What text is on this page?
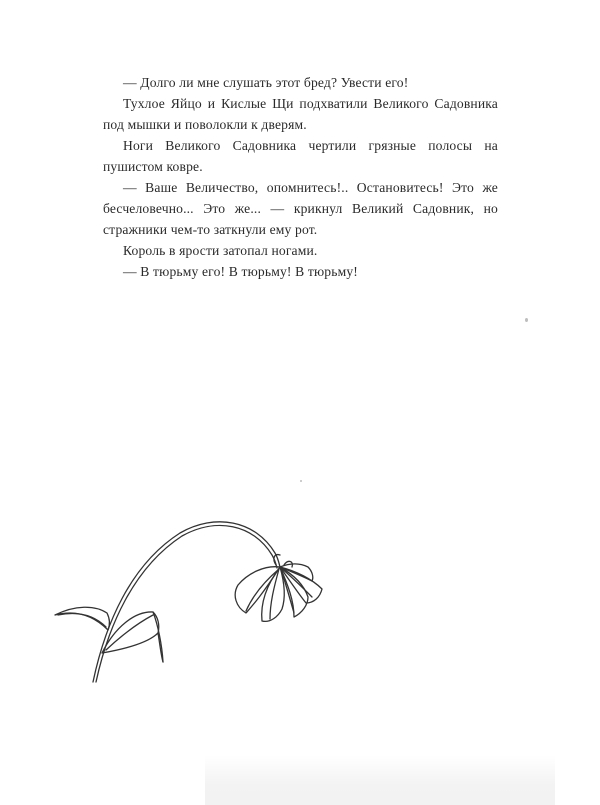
— Долго ли мне слушать этот бред? Увести его!

Тухлое Яйцо и Кислые Щи подхватили Великого Садовника под мышки и поволокли к дверям.

Ноги Великого Садовника чертили грязные полосы на пушистом ковре.

— Ваше Величество, опомнитесь!.. Остановитесь! Это же бесчеловечно... Это же... — крикнул Великий Садовник, но стражники чем-то заткнули ему рот.

Король в ярости затопал ногами.

— В тюрьму его! В тюрьму! В тюрьму!
